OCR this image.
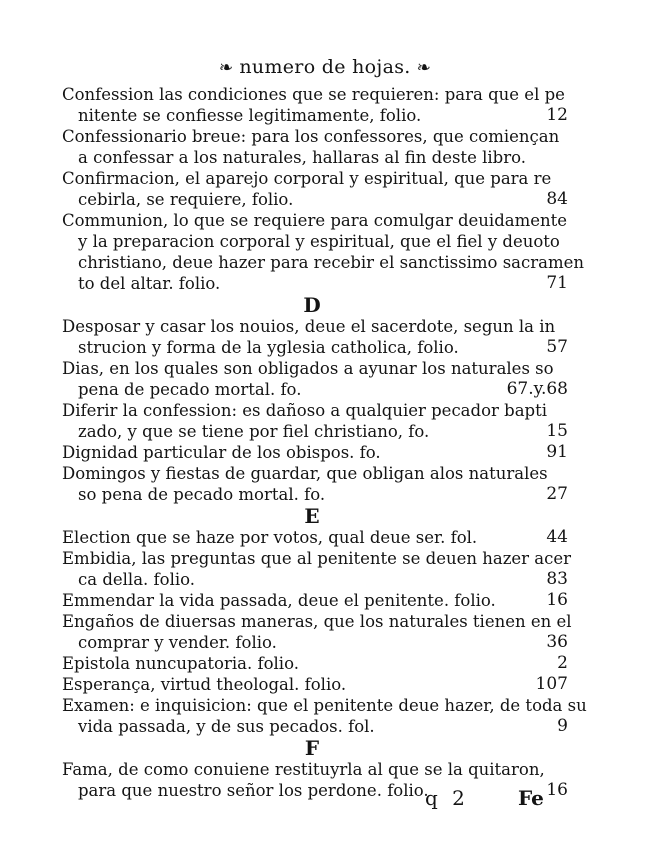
❧ numero de hojas. ❧
Confession las condiciones que se requieren: para que el pe
nitente se confiesse legitimamente, folio.	12
Confessionario breue: para los confessores, que comiençan
a confessar a los naturales, hallaras al fin deste libro.
Confirmacion, el aparejo corporal y espiritual, que para re
cebirla, se requiere, folio.	84
Communion, lo que se requiere para comulgar deuidamente
y la preparacion corporal y espiritual, que el fiel y deuoto
christiano, deue hazer para recebir el sanctissimo sacramen
to del altar. folio.	71
D
Desposar y casar los nouios, deue el sacerdote, segun la in
strucion y forma de la yglesia catholica, folio.	57
Dias, en los quales son obligados a ayunar los naturales so
pena de pecado mortal. fo.	67.y.68
Diferir la confession: es dañoso a qualquier pecador bapti
zado, y que se tiene por fiel christiano, fo.	15
Dignidad particular de los obispos. fo.	91
Domingos y fiestas de guardar, que obligan alos naturales
so pena de pecado mortal. fo.	27
E
Election que se haze por votos, qual deue ser. fol.	44
Embidia, las preguntas que al penitente se deuen hazer acer
ca della. folio.	83
Emmendar la vida passada, deue el penitente. folio.	16
Engaños de diuersas maneras, que los naturales tienen en el
comprar y vender. folio.	36
Epistola nuncupatoria. folio.	2
Esperança, virtud theologal. folio.	107
Examen: e inquisicion: que el penitente deue hazer, de toda su
vida passada, y de sus pecados. fol.	9
F
Fama, de como conuiene restituyrla al que se la quitaron,
para que nuestro señor los perdone. folio.	16
q 2 Fe
